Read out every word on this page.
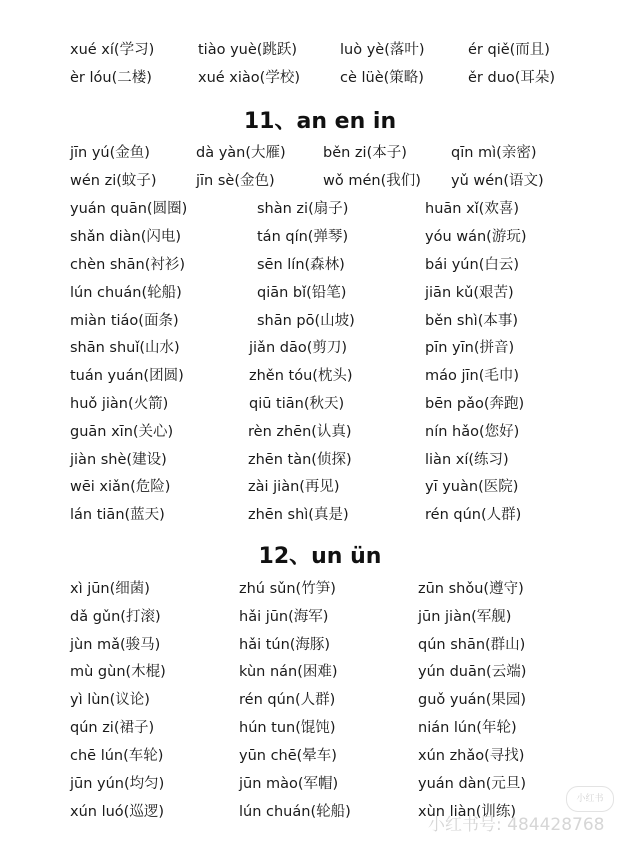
xué xí(学习)	tiào yuè(跳跃)	luò yè(落叶)	ér qiě(而且)
èr lóu(二楼)	xué xiào(学校)	cè lüè(策略)	ěr duo(耳朵)
11、an en in
jīn yú(金鱼)	dà yàn(大雁)	běn zi(本子)	qīn mì(亲密)
wén zi(蚊子)	jīn sè(金色)	wǒ mén(我们) yǔ wén(语文)
yuán quān(圆圈)	shàn zi(扇子)	huān xǐ(欢喜)
shǎn diàn(闪电)	tán qín(弹琴)	yóu wán(游玩)
chèn shān(衬衫)	sēn lín(森林)	bái yún(白云)
lún chuán(轮船)	qiān bǐ(铅笔)	jiān kǔ(艰苦)
miàn tiáo(面条)	shān pō(山坡)	běn shì(本事)
shān shuǐ(山水)	jiǎn dāo(剪刀)	pīn yīn(拼音)
tuán yuán(团圆)	zhěn tóu(枕头)	máo jīn(毛巾)
huǒ jiàn(火箭)	qiū tiān(秋天)	bēn pǎo(奔跑)
guān xīn(关心)	rèn zhēn(认真)	nín hǎo(您好)
jiàn shè(建设)	zhēn tàn(侦探)	liàn xí(练习)
wēi xiǎn(危险)	zài jiàn(再见)	yī yuàn(医院)
lán tiān(蓝天)	zhēn shì(真是)	rén qún(人群)
12、un ün
xì jūn(细菌)	zhú sǔn(竹笋)	zūn shǒu(遵守)
dǎ gǔn(打滚)	hǎi jūn(海军)	jūn jiàn(军舰)
jùn mǎ(骏马)	hǎi tún(海豚)	qún shān(群山)
mù gùn(木棍)	kùn nán(困难)	yún duān(云端)
yì lùn(议论)	rén qún(人群)	guǒ yuán(果园)
qún zi(裙子)	hún tun(馄饨)	nián lún(年轮)
chē lún(车轮)	yūn chē(晕车)	xún zhǎo(寻找)
jūn yún(均匀)	jūn mào(军帽)	yuán dàn(元旦)
xún luó(巡逻)	lún chuán(轮船)	xùn liàn(训练)
小红书
小红书号: 484428768
